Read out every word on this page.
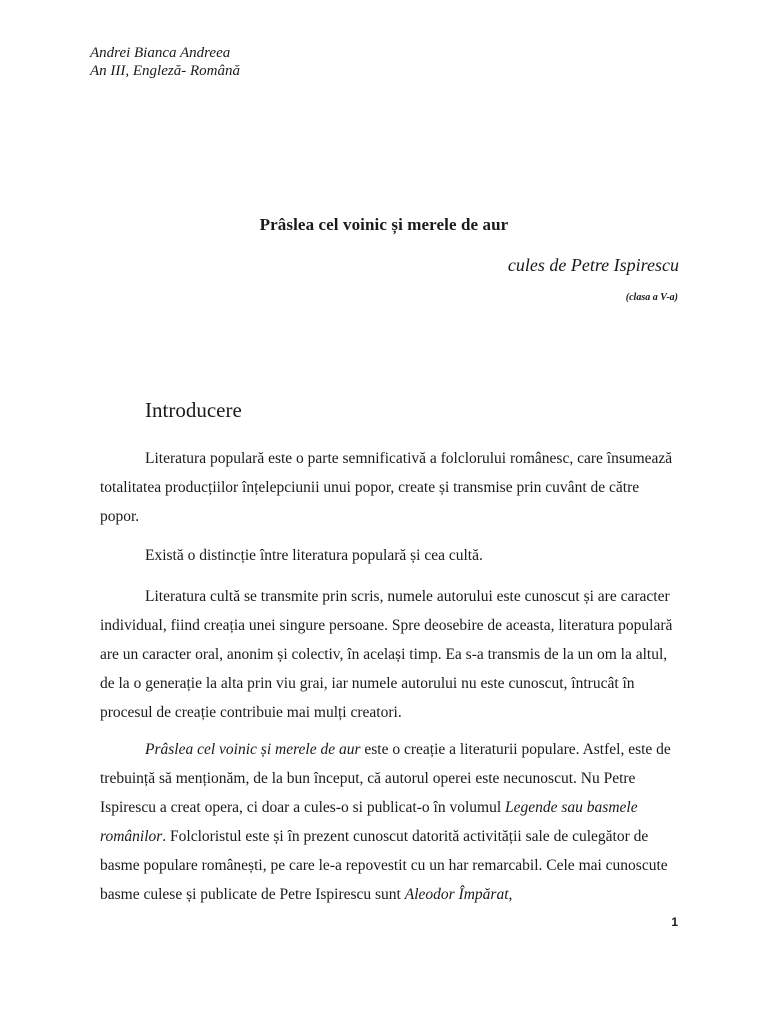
Andrei Bianca Andreea
An III, Engleză- Română
Prâslea cel voinic și merele de aur
cules de Petre Ispirescu
(clasa a V-a)
Introducere

Literatura populară este o parte semnificativă a folclorului românesc, care însumează totalitatea producțiilor înțelepciunii unui popor, create și transmise prin cuvânt de către popor.

Există o distincție între literatura populară și cea cultă.

Literatura cultă se transmite prin scris, numele autorului este cunoscut și are caracter individual, fiind creația unei singure persoane. Spre deosebire de aceasta, literatura populară are un caracter oral, anonim și colectiv, în același timp. Ea s-a transmis de la un om la altul, de la o generație la alta prin viu grai, iar numele autorului nu este cunoscut, întrucât în procesul de creație contribuie mai mulți creatori.

Prâslea cel voinic și merele de aur este o creație a literaturii populare. Astfel, este de trebuință să menționăm, de la bun început, că autorul operei este necunoscut. Nu Petre Ispirescu a creat opera, ci doar a cules-o si publicat-o în volumul Legende sau basmele românilor. Folcloristul este și în prezent cunoscut datorită activității sale de culegător de basme populare românești, pe care le-a repovestit cu un har remarcabil. Cele mai cunoscute basme culese și publicate de Petre Ispirescu sunt Aleodor Împărat,

1
